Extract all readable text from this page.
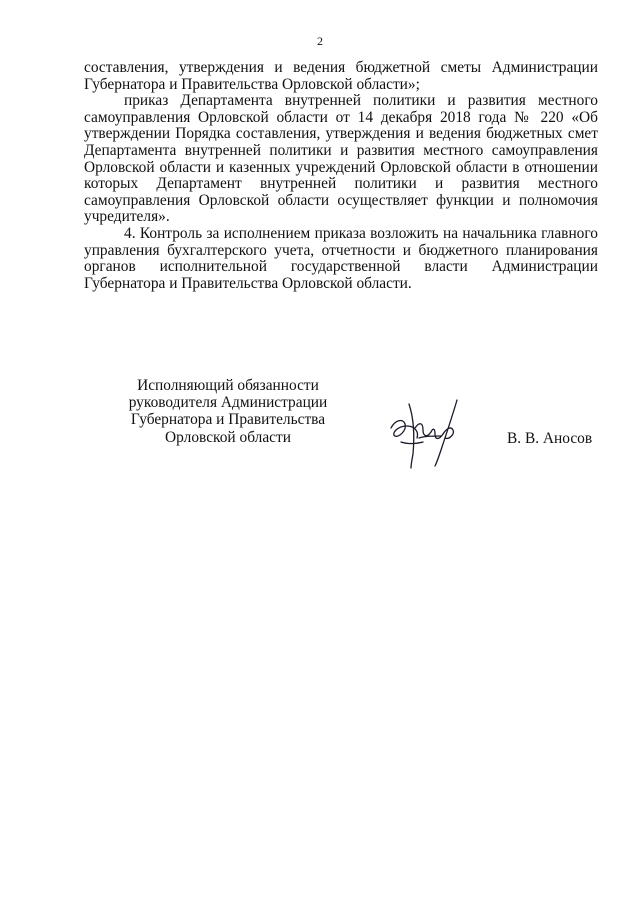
2

составления, утверждения и ведения бюджетной сметы Администрации Губернатора и Правительства Орловской области»;

приказ Департамента внутренней политики и развития местного самоуправления Орловской области от 14 декабря 2018 года № 220 «Об утверждении Порядка составления, утверждения и ведения бюджетных смет Департамента внутренней политики и развития местного самоуправления Орловской области и казенных учреждений Орловской области в отношении которых Департамент внутренней политики и развития местного самоуправления Орловской области осуществляет функции и полномочия учредителя».

4. Контроль за исполнением приказа возложить на начальника главного управления бухгалтерского учета, отчетности и бюджетного планирования органов исполнительной государственной власти Администрации Губернатора и Правительства Орловской области.

Исполняющий обязанности
руководителя Администрации
Губернатора и Правительства
Орловской области	В. В. Аносов
